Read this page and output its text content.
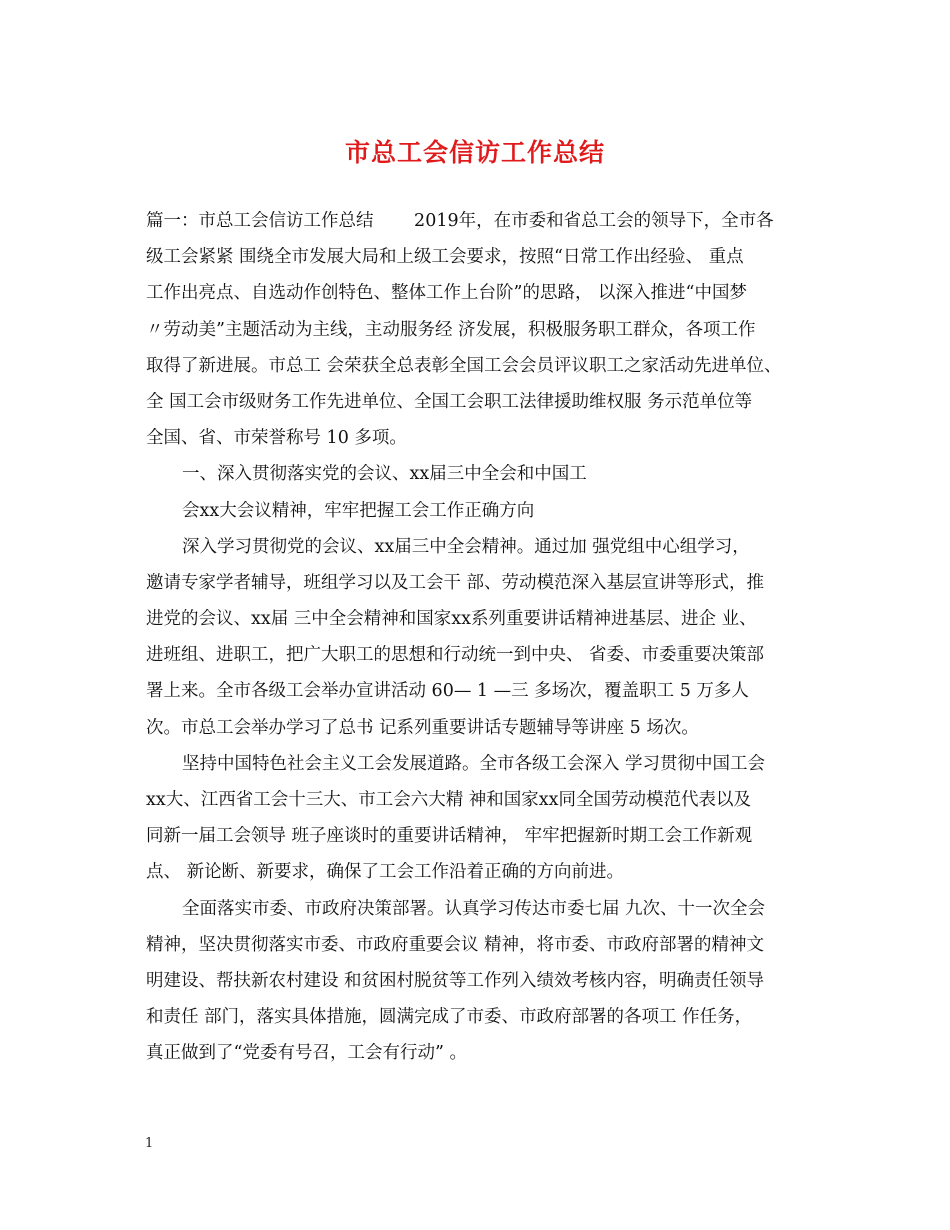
市总工会信访工作总结
篇一：市总工会信访工作总结　　 2019年，在市委和省总工会的领导下，全市各
级工会紧紧 围绕全市发展大局和上级工会要求，按照“日常工作出经验、 重点
工作出亮点、自选动作创特色、整体工作上台阶”的思路， 以深入推进“中国梦
〃劳动美”主题活动为主线，主动服务经 济发展，积极服务职工群众，各项工作
取得了新进展。市总工 会荣获全总表彰全国工会会员评议职工之家活动先进单位、
全 国工会市级财务工作先进单位、全国工会职工法律援助维权服 务示范单位等
全国、省、市荣誉称号 10 多项。
一、深入贯彻落实党的会议、xx届三中全会和中国工
会xx大会议精神，牢牢把握工会工作正确方向
深入学习贯彻党的会议、xx届三中全会精神。通过加 强党组中心组学习，
邀请专家学者辅导，班组学习以及工会干 部、劳动模范深入基层宣讲等形式，推
进党的会议、xx届 三中全会精神和国家xx系列重要讲话精神进基层、进企 业、
进班组、进职工，把广大职工的思想和行动统一到中央、 省委、市委重要决策部
署上来。全市各级工会举办宣讲活动 60— 1 —三 多场次，覆盖职工 5 万多人
次。市总工会举办学习了总书 记系列重要讲话专题辅导等讲座 5 场次。
坚持中国特色社会主义工会发展道路。全市各级工会深入 学习贯彻中国工会
xx大、江西省工会十三大、市工会六大精 神和国家xx同全国劳动模范代表以及
同新一届工会领导 班子座谈时的重要讲话精神， 牢牢把握新时期工会工作新观
点、 新论断、新要求，确保了工会工作沿着正确的方向前进。
全面落实市委、市政府决策部署。认真学习传达市委七届 九次、十一次全会
精神，坚决贯彻落实市委、市政府重要会议 精神，将市委、市政府部署的精神文
明建设、帮扶新农村建设 和贫困村脱贫等工作列入绩效考核内容，明确责任领导
和责任 部门，落实具体措施，圆满完成了市委、市政府部署的各项工 作任务，
真正做到了“党委有号召，工会有行动” 。
1
